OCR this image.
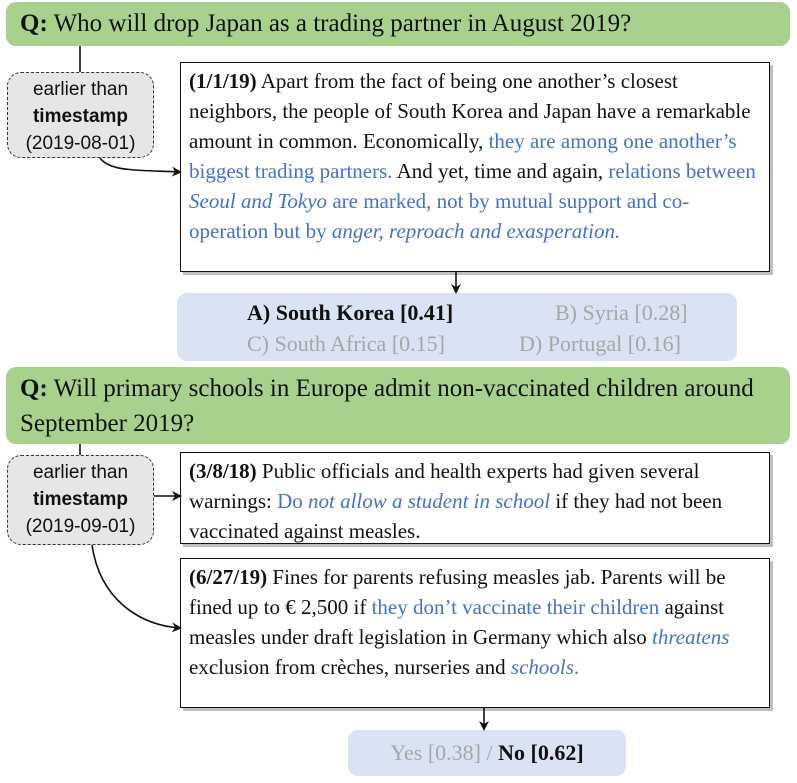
Q: Who will drop Japan as a trading partner in August 2019?
earlier than
timestamp
(2019-08-01)
(1/1/19) Apart from the fact of being one another’s closest neighbors, the people of South Korea and Japan have a remarkable amount in common. Economically, they are among one another’s biggest trading partners. And yet, time and again, relations between Seoul and Tokyo are marked, not by mutual support and co-operation but by anger, reproach and exasperation.
A) South Korea [0.41]	B) Syria [0.28]
C) South Africa [0.15]	D) Portugal [0.16]
Q: Will primary schools in Europe admit non-vaccinated children around September 2019?
earlier than
timestamp
(2019-09-01)
(3/8/18) Public officials and health experts had given several warnings: Do not allow a student in school if they had not been vaccinated against measles.
(6/27/19) Fines for parents refusing measles jab. Parents will be fined up to € 2,500 if they don’t vaccinate their children against measles under draft legislation in Germany which also threatens exclusion from crèches, nurseries and schools.
Yes [0.38] / No [0.62]
